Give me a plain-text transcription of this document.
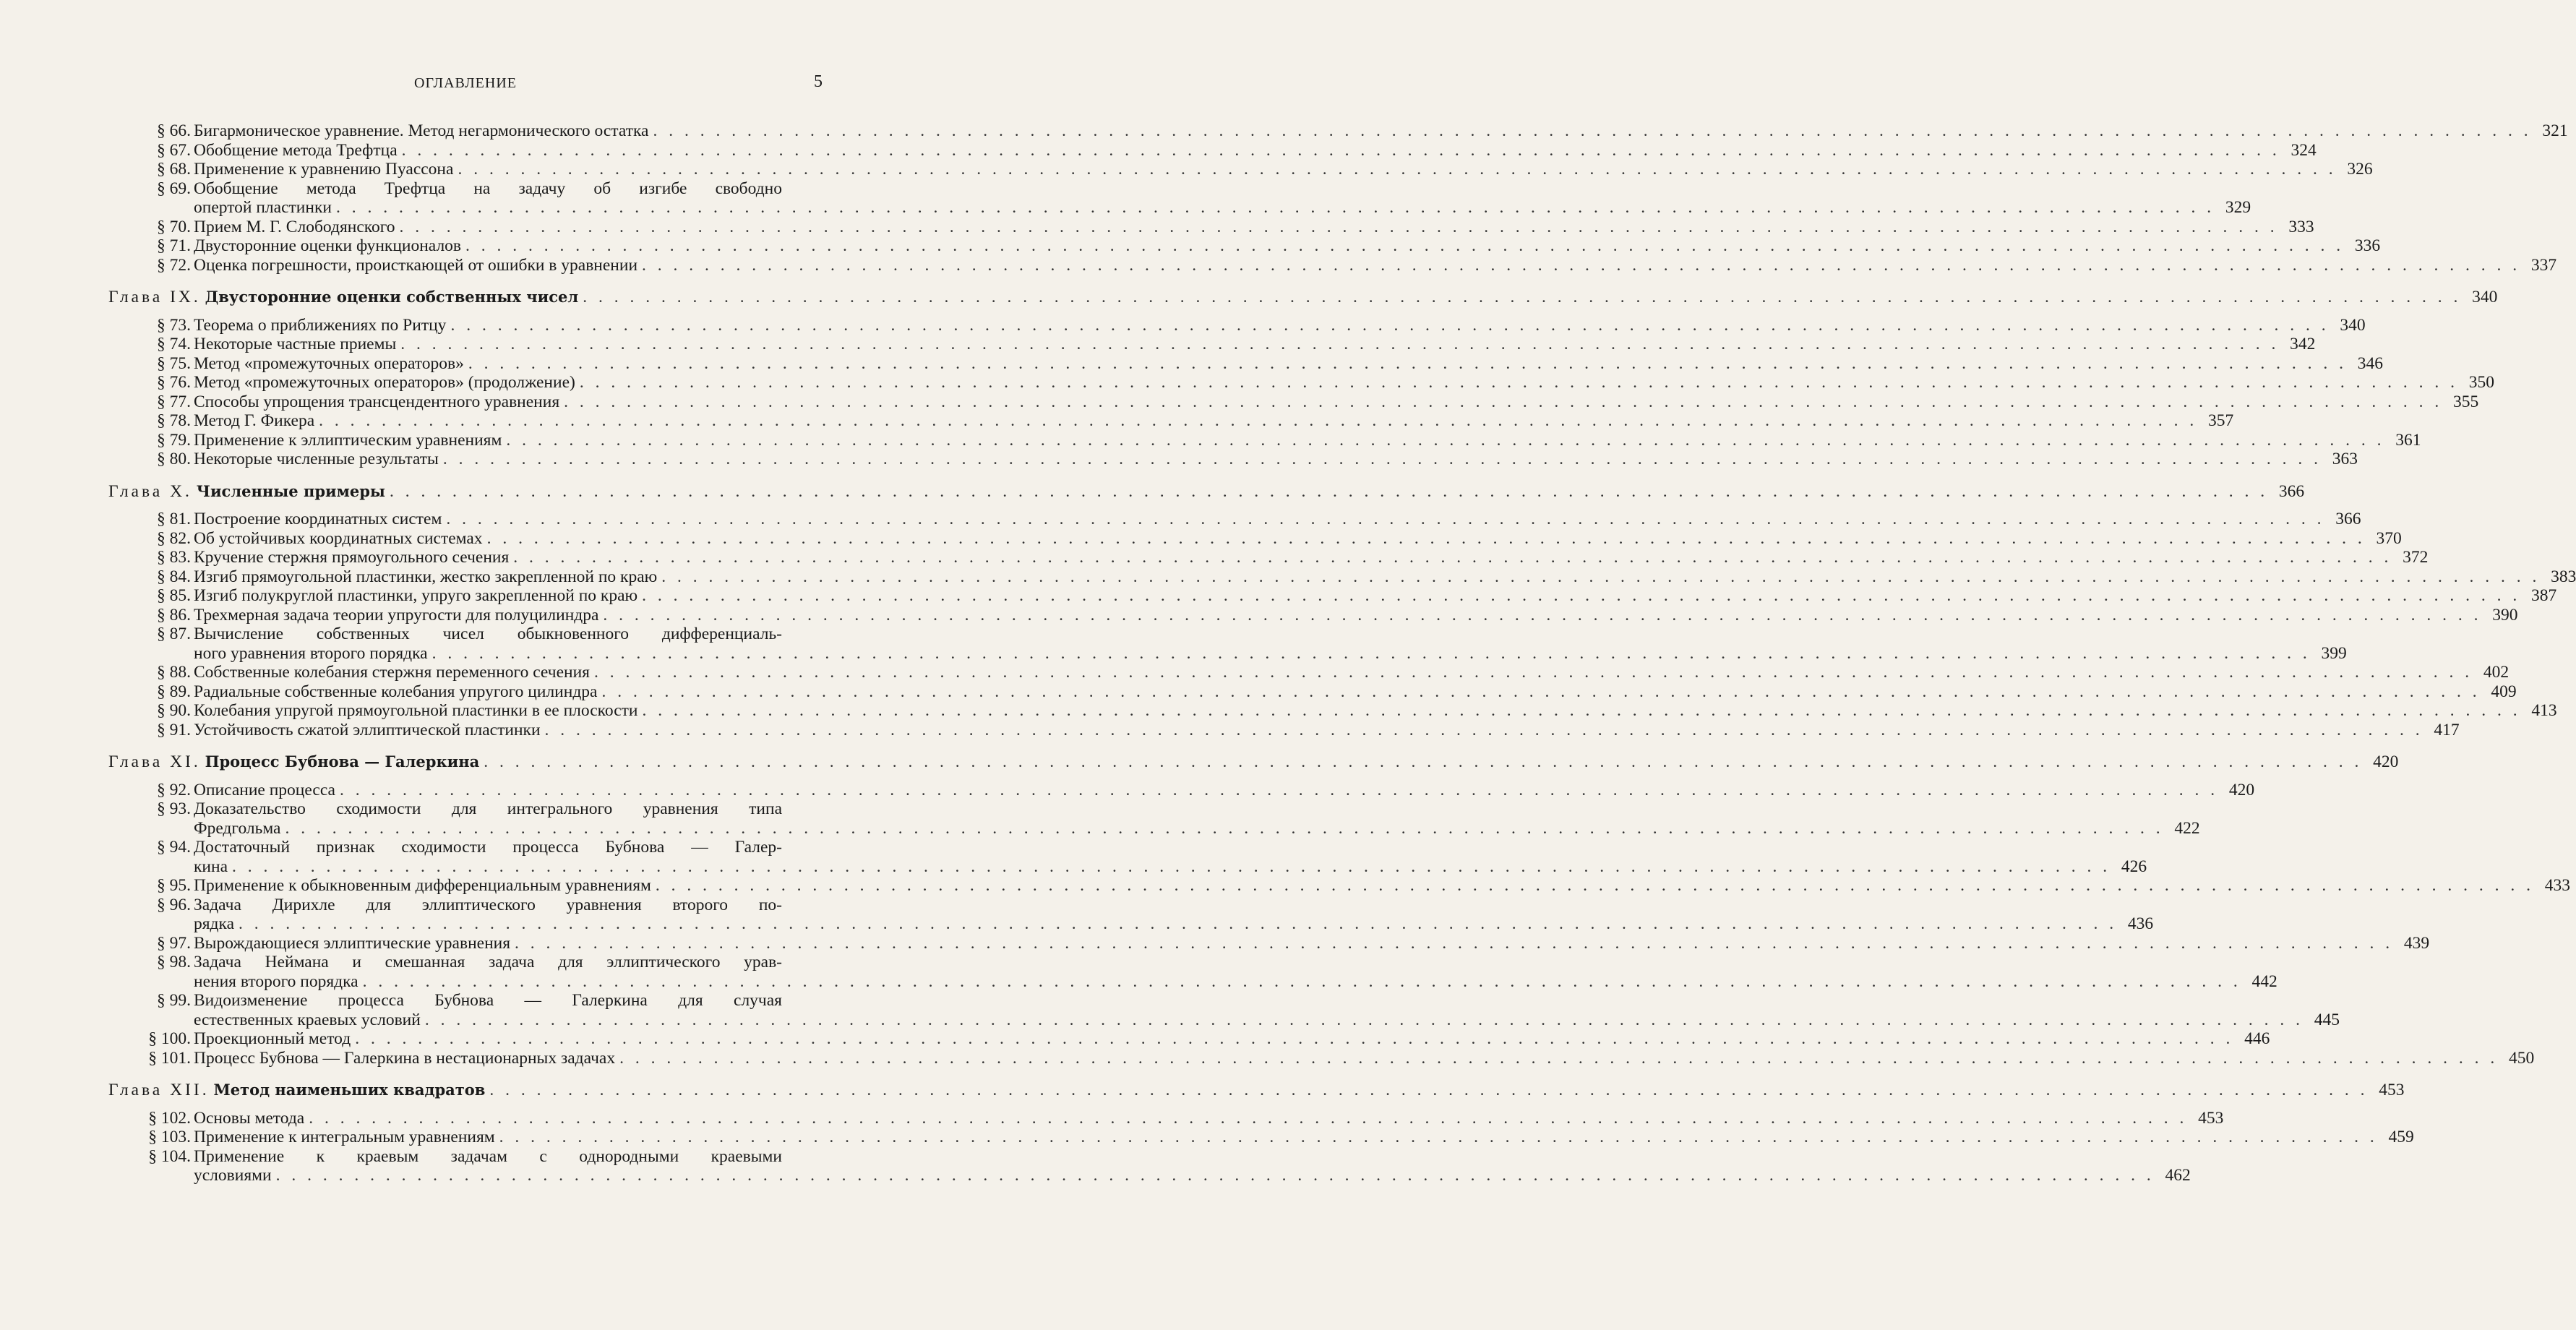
ОГЛАВЛЕНИЕ	5
§ 66. Бигармоническое уравнение. Метод негармонического остатка . . . . . . . . . . . . . . . . . . . . . . . . . . . . . . . . . . . . . . . . . . . . . . . . . . . . . . . . . . . . . . . . . . . . . . . . . . . . . . . . . . . . . . . . . . . . . . . . . . . . . . . . . . . . . . . . . . . . . . . . 321
§ 67. Обобщение метода Трефтца . . . . . . . . . . . . . . . . . . . . . . . . . . . . . . . . . . . . . . . . . . . . . . . . . . . . . . . . . . . . . . . . . . . . . . . . . . . . . . . . . . . . . . . . . . . . . . . . . . . . . . . . . . . . . . . . . . . . . . . . 324
§ 68. Применение к уравнению Пуассона . . . . . . . . . . . . . . . . . . . . . . . . . . . . . . . . . . . . . . . . . . . . . . . . . . . . . . . . . . . . . . . . . . . . . . . . . . . . . . . . . . . . . . . . . . . . . . . . . . . . . . . . . . . . . . . . . . . . . . . . 326
§ 69. Обобщение метода Трефтца на задачу об изгибе свободно
опертой пластинки . . . . . . . . . . . . . . . . . . . . . . . . . . . . . . . . . . . . . . . . . . . . . . . . . . . . . . . . . . . . . . . . . . . . . . . . . . . . . . . . . . . . . . . . . . . . . . . . . . . . . . . . . . . . . . . . . . . . . . . . 329
§ 70. Прием М. Г. Слободянского . . . . . . . . . . . . . . . . . . . . . . . . . . . . . . . . . . . . . . . . . . . . . . . . . . . . . . . . . . . . . . . . . . . . . . . . . . . . . . . . . . . . . . . . . . . . . . . . . . . . . . . . . . . . . . . . . . . . . . . . 333
§ 71. Двусторонние оценки функционалов . . . . . . . . . . . . . . . . . . . . . . . . . . . . . . . . . . . . . . . . . . . . . . . . . . . . . . . . . . . . . . . . . . . . . . . . . . . . . . . . . . . . . . . . . . . . . . . . . . . . . . . . . . . . . . . . . . . . . . . . 336
§ 72. Оценка погрешности, происткающей от ошибки в уравнении . . . . . . . . . . . . . . . . . . . . . . . . . . . . . . . . . . . . . . . . . . . . . . . . . . . . . . . . . . . . . . . . . . . . . . . . . . . . . . . . . . . . . . . . . . . . . . . . . . . . . . . . . . . . . . . . . . . . . . . . 337
Глава IX. Двусторонние оценки собственных чисел . . . . . . . . . . . . . . . . . . . . . . . . . . . . . . . . . . . . . . . . . . . . . . . . . . . . . . . . . . . . . . . . . . . . . . . . . . . . . . . . . . . . . . . . . . . . . . . . . . . . . . . . . . . . . . . . . . . . . . . . 340
§ 73. Теорема о приближениях по Ритцу . . . . . . . . . . . . . . . . . . . . . . . . . . . . . . . . . . . . . . . . . . . . . . . . . . . . . . . . . . . . . . . . . . . . . . . . . . . . . . . . . . . . . . . . . . . . . . . . . . . . . . . . . . . . . . . . . . . . . . . . 340
§ 74. Некоторые частные приемы . . . . . . . . . . . . . . . . . . . . . . . . . . . . . . . . . . . . . . . . . . . . . . . . . . . . . . . . . . . . . . . . . . . . . . . . . . . . . . . . . . . . . . . . . . . . . . . . . . . . . . . . . . . . . . . . . . . . . . . . 342
§ 75. Метод «промежуточных операторов» . . . . . . . . . . . . . . . . . . . . . . . . . . . . . . . . . . . . . . . . . . . . . . . . . . . . . . . . . . . . . . . . . . . . . . . . . . . . . . . . . . . . . . . . . . . . . . . . . . . . . . . . . . . . . . . . . . . . . . . . 346
§ 76. Метод «промежуточных операторов» (продолжение) . . . . . . . . . . . . . . . . . . . . . . . . . . . . . . . . . . . . . . . . . . . . . . . . . . . . . . . . . . . . . . . . . . . . . . . . . . . . . . . . . . . . . . . . . . . . . . . . . . . . . . . . . . . . . . . . . . . . . . . . 350
§ 77. Способы упрощения трансцендентного уравнения . . . . . . . . . . . . . . . . . . . . . . . . . . . . . . . . . . . . . . . . . . . . . . . . . . . . . . . . . . . . . . . . . . . . . . . . . . . . . . . . . . . . . . . . . . . . . . . . . . . . . . . . . . . . . . . . . . . . . . . . 355
§ 78. Метод Г. Фикера . . . . . . . . . . . . . . . . . . . . . . . . . . . . . . . . . . . . . . . . . . . . . . . . . . . . . . . . . . . . . . . . . . . . . . . . . . . . . . . . . . . . . . . . . . . . . . . . . . . . . . . . . . . . . . . . . . . . . . . . 357
§ 79. Применение к эллиптическим уравнениям . . . . . . . . . . . . . . . . . . . . . . . . . . . . . . . . . . . . . . . . . . . . . . . . . . . . . . . . . . . . . . . . . . . . . . . . . . . . . . . . . . . . . . . . . . . . . . . . . . . . . . . . . . . . . . . . . . . . . . . . 361
§ 80. Некоторые численные результаты . . . . . . . . . . . . . . . . . . . . . . . . . . . . . . . . . . . . . . . . . . . . . . . . . . . . . . . . . . . . . . . . . . . . . . . . . . . . . . . . . . . . . . . . . . . . . . . . . . . . . . . . . . . . . . . . . . . . . . . . 363
Глава X. Численные примеры . . . . . . . . . . . . . . . . . . . . . . . . . . . . . . . . . . . . . . . . . . . . . . . . . . . . . . . . . . . . . . . . . . . . . . . . . . . . . . . . . . . . . . . . . . . . . . . . . . . . . . . . . . . . . . . . . . . . . . . . 366
§ 81. Построение координатных систем . . . . . . . . . . . . . . . . . . . . . . . . . . . . . . . . . . . . . . . . . . . . . . . . . . . . . . . . . . . . . . . . . . . . . . . . . . . . . . . . . . . . . . . . . . . . . . . . . . . . . . . . . . . . . . . . . . . . . . . . 366
§ 82. Об устойчивых координатных системах . . . . . . . . . . . . . . . . . . . . . . . . . . . . . . . . . . . . . . . . . . . . . . . . . . . . . . . . . . . . . . . . . . . . . . . . . . . . . . . . . . . . . . . . . . . . . . . . . . . . . . . . . . . . . . . . . . . . . . . . 370
§ 83. Кручение стержня прямоугольного сечения . . . . . . . . . . . . . . . . . . . . . . . . . . . . . . . . . . . . . . . . . . . . . . . . . . . . . . . . . . . . . . . . . . . . . . . . . . . . . . . . . . . . . . . . . . . . . . . . . . . . . . . . . . . . . . . . . . . . . . . . 372
§ 84. Изгиб прямоугольной пластинки, жестко закрепленной по краю . . . . . . . . . . . . . . . . . . . . . . . . . . . . . . . . . . . . . . . . . . . . . . . . . . . . . . . . . . . . . . . . . . . . . . . . . . . . . . . . . . . . . . . . . . . . . . . . . . . . . . . . . . . . . . . . . . . . . . . . 383
§ 85. Изгиб полукруглой пластинки, упруго закрепленной по краю . . . . . . . . . . . . . . . . . . . . . . . . . . . . . . . . . . . . . . . . . . . . . . . . . . . . . . . . . . . . . . . . . . . . . . . . . . . . . . . . . . . . . . . . . . . . . . . . . . . . . . . . . . . . . . . . . . . . . . . . 387
§ 86. Трехмерная задача теории упругости для полуцилиндра . . . . . . . . . . . . . . . . . . . . . . . . . . . . . . . . . . . . . . . . . . . . . . . . . . . . . . . . . . . . . . . . . . . . . . . . . . . . . . . . . . . . . . . . . . . . . . . . . . . . . . . . . . . . . . . . . . . . . . . . 390
§ 87. Вычисление собственных чисел обыкновенного дифференциаль-
ного уравнения второго порядка . . . . . . . . . . . . . . . . . . . . . . . . . . . . . . . . . . . . . . . . . . . . . . . . . . . . . . . . . . . . . . . . . . . . . . . . . . . . . . . . . . . . . . . . . . . . . . . . . . . . . . . . . . . . . . . . . . . . . . . . 399
§ 88. Собственные колебания стержня переменного сечения . . . . . . . . . . . . . . . . . . . . . . . . . . . . . . . . . . . . . . . . . . . . . . . . . . . . . . . . . . . . . . . . . . . . . . . . . . . . . . . . . . . . . . . . . . . . . . . . . . . . . . . . . . . . . . . . . . . . . . . . 402
§ 89. Радиальные собственные колебания упругого цилиндра . . . . . . . . . . . . . . . . . . . . . . . . . . . . . . . . . . . . . . . . . . . . . . . . . . . . . . . . . . . . . . . . . . . . . . . . . . . . . . . . . . . . . . . . . . . . . . . . . . . . . . . . . . . . . . . . . . . . . . . . 409
§ 90. Колебания упругой прямоугольной пластинки в ее плоскости . . . . . . . . . . . . . . . . . . . . . . . . . . . . . . . . . . . . . . . . . . . . . . . . . . . . . . . . . . . . . . . . . . . . . . . . . . . . . . . . . . . . . . . . . . . . . . . . . . . . . . . . . . . . . . . . . . . . . . . . 413
§ 91. Устойчивость сжатой эллиптической пластинки . . . . . . . . . . . . . . . . . . . . . . . . . . . . . . . . . . . . . . . . . . . . . . . . . . . . . . . . . . . . . . . . . . . . . . . . . . . . . . . . . . . . . . . . . . . . . . . . . . . . . . . . . . . . . . . . . . . . . . . . 417
Глава XI. Процесс Бубнова — Галеркина . . . . . . . . . . . . . . . . . . . . . . . . . . . . . . . . . . . . . . . . . . . . . . . . . . . . . . . . . . . . . . . . . . . . . . . . . . . . . . . . . . . . . . . . . . . . . . . . . . . . . . . . . . . . . . . . . . . . . . . . 420
§ 92. Описание процесса . . . . . . . . . . . . . . . . . . . . . . . . . . . . . . . . . . . . . . . . . . . . . . . . . . . . . . . . . . . . . . . . . . . . . . . . . . . . . . . . . . . . . . . . . . . . . . . . . . . . . . . . . . . . . . . . . . . . . . . . 420
§ 93. Доказательство сходимости для интегрального уравнения типа
Фредгольма . . . . . . . . . . . . . . . . . . . . . . . . . . . . . . . . . . . . . . . . . . . . . . . . . . . . . . . . . . . . . . . . . . . . . . . . . . . . . . . . . . . . . . . . . . . . . . . . . . . . . . . . . . . . . . . . . . . . . . . . 422
§ 94. Достаточный признак сходимости процесса Бубнова — Галер-
кина . . . . . . . . . . . . . . . . . . . . . . . . . . . . . . . . . . . . . . . . . . . . . . . . . . . . . . . . . . . . . . . . . . . . . . . . . . . . . . . . . . . . . . . . . . . . . . . . . . . . . . . . . . . . . . . . . . . . . . . . 426
§ 95. Применение к обыкновенным дифференциальным уравнениям . . . . . . . . . . . . . . . . . . . . . . . . . . . . . . . . . . . . . . . . . . . . . . . . . . . . . . . . . . . . . . . . . . . . . . . . . . . . . . . . . . . . . . . . . . . . . . . . . . . . . . . . . . . . . . . . . . . . . . . . 433
§ 96. Задача Дирихле для эллиптического уравнения второго по-
рядка . . . . . . . . . . . . . . . . . . . . . . . . . . . . . . . . . . . . . . . . . . . . . . . . . . . . . . . . . . . . . . . . . . . . . . . . . . . . . . . . . . . . . . . . . . . . . . . . . . . . . . . . . . . . . . . . . . . . . . . . 436
§ 97. Вырождающиеся эллиптические уравнения . . . . . . . . . . . . . . . . . . . . . . . . . . . . . . . . . . . . . . . . . . . . . . . . . . . . . . . . . . . . . . . . . . . . . . . . . . . . . . . . . . . . . . . . . . . . . . . . . . . . . . . . . . . . . . . . . . . . . . . . 439
§ 98. Задача Неймана и смешанная задача для эллиптического урав-
нения второго порядка . . . . . . . . . . . . . . . . . . . . . . . . . . . . . . . . . . . . . . . . . . . . . . . . . . . . . . . . . . . . . . . . . . . . . . . . . . . . . . . . . . . . . . . . . . . . . . . . . . . . . . . . . . . . . . . . . . . . . . . . 442
§ 99. Видоизменение процесса Бубнова — Галеркина для случая
естественных краевых условий . . . . . . . . . . . . . . . . . . . . . . . . . . . . . . . . . . . . . . . . . . . . . . . . . . . . . . . . . . . . . . . . . . . . . . . . . . . . . . . . . . . . . . . . . . . . . . . . . . . . . . . . . . . . . . . . . . . . . . . . 445
§ 100. Проекционный метод . . . . . . . . . . . . . . . . . . . . . . . . . . . . . . . . . . . . . . . . . . . . . . . . . . . . . . . . . . . . . . . . . . . . . . . . . . . . . . . . . . . . . . . . . . . . . . . . . . . . . . . . . . . . . . . . . . . . . . . . 446
§ 101. Процесс Бубнова — Галеркина в нестационарных задачах . . . . . . . . . . . . . . . . . . . . . . . . . . . . . . . . . . . . . . . . . . . . . . . . . . . . . . . . . . . . . . . . . . . . . . . . . . . . . . . . . . . . . . . . . . . . . . . . . . . . . . . . . . . . . . . . . . . . . . . . 450
Глава XII. Метод наименьших квадратов . . . . . . . . . . . . . . . . . . . . . . . . . . . . . . . . . . . . . . . . . . . . . . . . . . . . . . . . . . . . . . . . . . . . . . . . . . . . . . . . . . . . . . . . . . . . . . . . . . . . . . . . . . . . . . . . . . . . . . . . 453
§ 102. Основы метода . . . . . . . . . . . . . . . . . . . . . . . . . . . . . . . . . . . . . . . . . . . . . . . . . . . . . . . . . . . . . . . . . . . . . . . . . . . . . . . . . . . . . . . . . . . . . . . . . . . . . . . . . . . . . . . . . . . . . . . . 453
§ 103. Применение к интегральным уравнениям . . . . . . . . . . . . . . . . . . . . . . . . . . . . . . . . . . . . . . . . . . . . . . . . . . . . . . . . . . . . . . . . . . . . . . . . . . . . . . . . . . . . . . . . . . . . . . . . . . . . . . . . . . . . . . . . . . . . . . . . 459
§ 104. Применение к краевым задачам с однородными краевыми
условиями . . . . . . . . . . . . . . . . . . . . . . . . . . . . . . . . . . . . . . . . . . . . . . . . . . . . . . . . . . . . . . . . . . . . . . . . . . . . . . . . . . . . . . . . . . . . . . . . . . . . . . . . . . . . . . . . . . . . . . . . 462
